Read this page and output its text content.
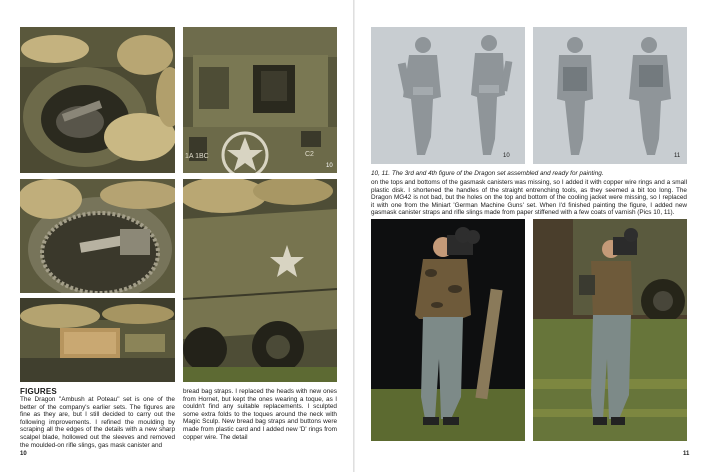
1A 1BC	C2
10
FIGURES

The Dragon "Ambush at Poteau" set is one of the better of the company's earlier sets. The figures are fine as they are, but I still decided to carry out the following improvements. I refined the moulding by scraping all the edges of the details with a new sharp scalpel blade, hollowed out the sleeves and removed the moulded-on rifle slings, gas mask canister and

bread bag straps. I replaced the heads with new ones from Hornet, but kept the ones wearing a toque, as I couldn't find any suitable replacements. I sculpted some extra folds to the toques around the neck with Magic Sculp. New bread bag straps and buttons were made from plastic card and I added new 'D' rings from copper wire. The detail

10
10	11

10, 11. The 3rd and 4th figure of the Dragon set assembled and ready for painting.

on the tops and bottoms of the gasmask canisters was missing, so I added it with copper wire rings and a small plastic disk. I shortened the handles of the straight entrenching tools, as they seemed a bit too long. The Dragon MG42 is not bad, but the holes on the top and bottom of the cooling jacket were missing, so I replaced it with one from the Miniart 'German Machine Guns' set. When I'd finished painting the figure, I added new gasmask canister straps and rifle slings made from paper stiffened with a few coats of varnish (Pics 10, 11).

11
